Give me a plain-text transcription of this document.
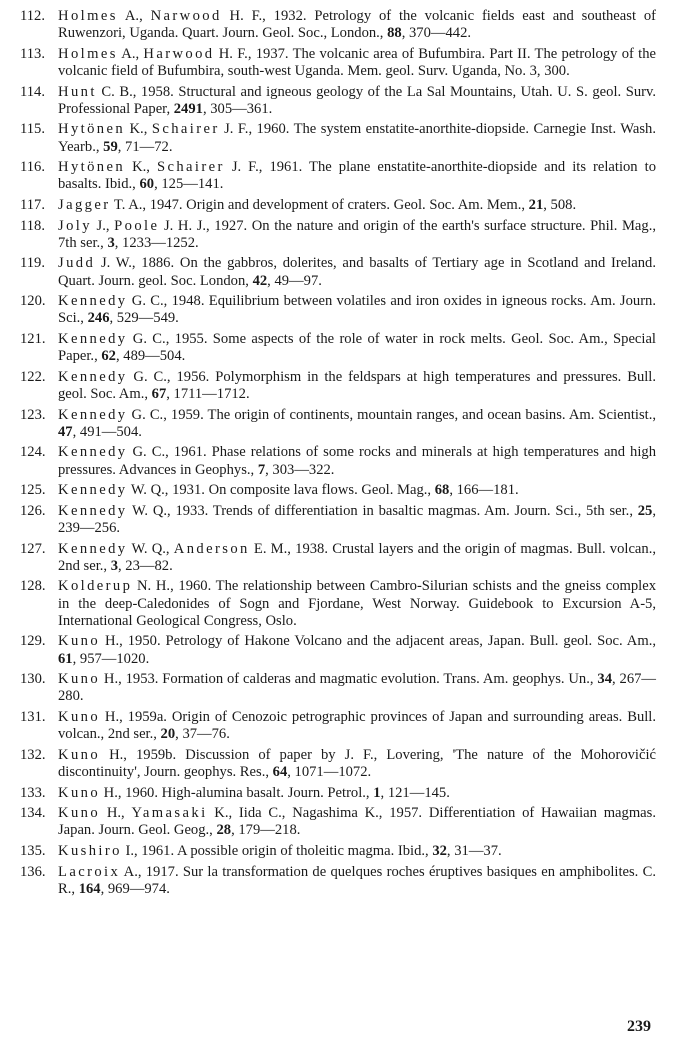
112. Holmes A., Narwood H. F., 1932. Petrology of the volcanic fields east and southeast of Ruwenzori, Uganda. Quart. Journ. Geol. Soc., London., 88, 370—442.
113. Holmes A., Harwood H. F., 1937. The volcanic area of Bufumbira. Part II. The petrology of the volcanic field of Bufumbira, south-west Uganda. Mem. geol. Surv. Uganda, No. 3, 300.
114. Hunt C. B., 1958. Structural and igneous geology of the La Sal Mountains, Utah. U. S. geol. Surv. Professional Paper, 2491, 305—361.
115. Hytönen K., Schairer J. F., 1960. The system enstatite-anorthite-diopside. Carnegie Inst. Wash. Yearb., 59, 71—72.
116. Hytönen K., Schairer J. F., 1961. The plane enstatite-anorthite-diopside and its relation to basalts. Ibid., 60, 125—141.
117. Jagger T. A., 1947. Origin and development of craters. Geol. Soc. Am. Mem., 21, 508.
118. Joly J., Poole J. H. J., 1927. On the nature and origin of the earth's surface structure. Phil. Mag., 7th ser., 3, 1233—1252.
119. Judd J. W., 1886. On the gabbros, dolerites, and basalts of Tertiary age in Scotland and Ireland. Quart. Journ. geol. Soc. London, 42, 49—97.
120. Kennedy G. C., 1948. Equilibrium between volatiles and iron oxides in igneous rocks. Am. Journ. Sci., 246, 529—549.
121. Kennedy G. C., 1955. Some aspects of the role of water in rock melts. Geol. Soc. Am., Special Paper., 62, 489—504.
122. Kennedy G. C., 1956. Polymorphism in the feldspars at high temperatures and pressures. Bull. geol. Soc. Am., 67, 1711—1712.
123. Kennedy G. C., 1959. The origin of continents, mountain ranges, and ocean basins. Am. Scientist., 47, 491—504.
124. Kennedy G. C., 1961. Phase relations of some rocks and minerals at high temperatures and high pressures. Advances in Geophys., 7, 303—322.
125. Kennedy W. Q., 1931. On composite lava flows. Geol. Mag., 68, 166—181.
126. Kennedy W. Q., 1933. Trends of differentiation in basaltic magmas. Am. Journ. Sci., 5th ser., 25, 239—256.
127. Kennedy W. Q., Anderson E. M., 1938. Crustal layers and the origin of magmas. Bull. volcan., 2nd ser., 3, 23—82.
128. Kolderup N. H., 1960. The relationship between Cambro-Silurian schists and the gneiss complex in the deep-Caledonides of Sogn and Fjordane, West Norway. Guidebook to Excursion A-5, International Geological Congress, Oslo.
129. Kuno H., 1950. Petrology of Hakone Volcano and the adjacent areas, Japan. Bull. geol. Soc. Am., 61, 957—1020.
130. Kuno H., 1953. Formation of calderas and magmatic evolution. Trans. Am. geophys. Un., 34, 267—280.
131. Kuno H., 1959a. Origin of Cenozoic petrographic provinces of Japan and surrounding areas. Bull. volcan., 2nd ser., 20, 37—76.
132. Kuno H., 1959b. Discussion of paper by J. F., Lovering, 'The nature of the Mohorovičić discontinuity', Journ. geophys. Res., 64, 1071—1072.
133. Kuno H., 1960. High-alumina basalt. Journ. Petrol., 1, 121—145.
134. Kuno H., Yamasaki K., Iida C., Nagashima K., 1957. Differentiation of Hawaiian magmas. Japan. Journ. Geol. Geog., 28, 179—218.
135. Kushiro I., 1961. A possible origin of tholeitic magma. Ibid., 32, 31—37.
136. Lacroix A., 1917. Sur la transformation de quelques roches éruptives basiques en amphibolites. C. R., 164, 969—974.
239
